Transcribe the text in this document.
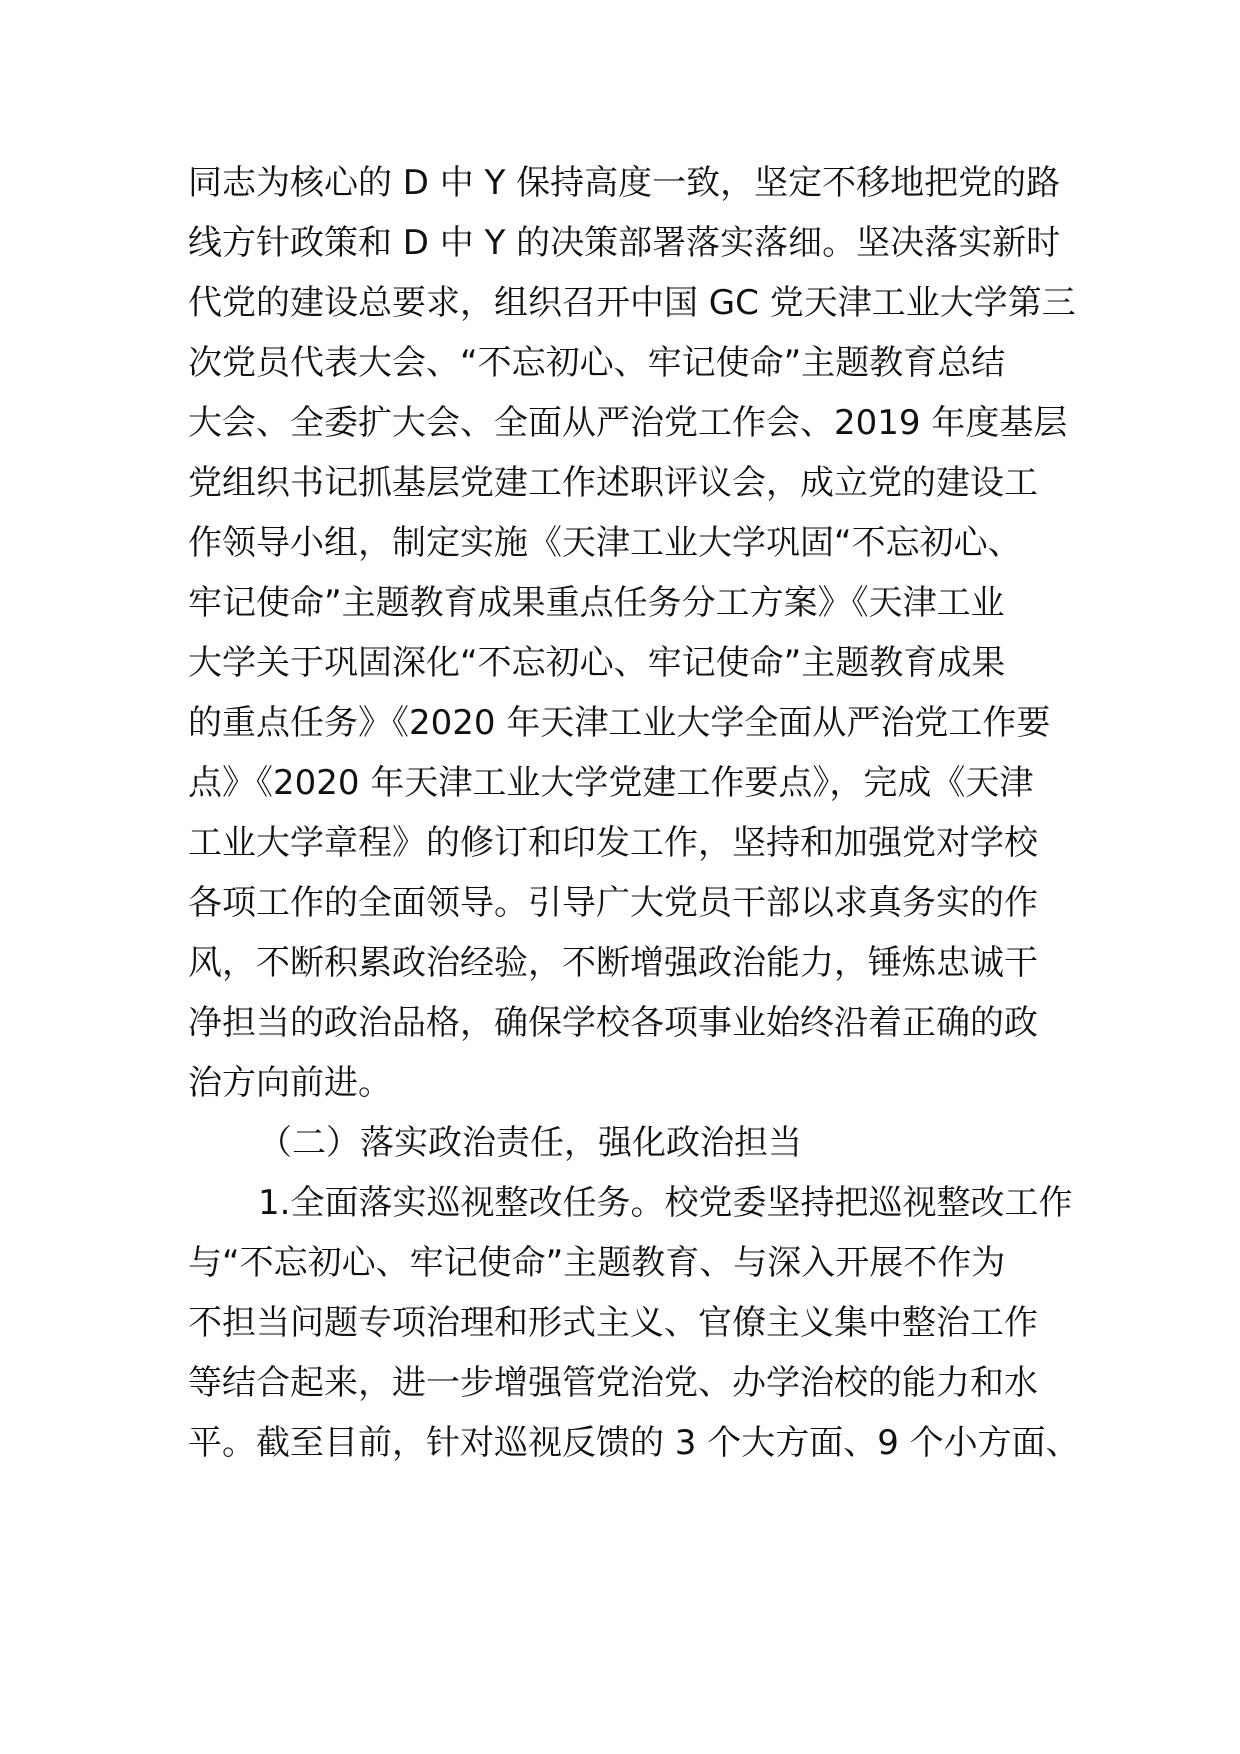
同志为核心的 D 中 Y 保持高度一致，坚定不移地把党的路
线方针政策和 D 中 Y 的决策部署落实落细。坚决落实新时
代党的建设总要求，组织召开中国 GC 党天津工业大学第三
次党员代表大会、“不忘初心、牢记使命”主题教育总结
大会、全委扩大会、全面从严治党工作会、2019 年度基层
党组织书记抓基层党建工作述职评议会，成立党的建设工
作领导小组，制定实施《天津工业大学巩固“不忘初心、
牢记使命”主题教育成果重点任务分工方案》《天津工业
大学关于巩固深化“不忘初心、牢记使命”主题教育成果
的重点任务》《2020 年天津工业大学全面从严治党工作要
点》《2020 年天津工业大学党建工作要点》，完成《天津
工业大学章程》的修订和印发工作，坚持和加强党对学校
各项工作的全面领导。引导广大党员干部以求真务实的作
风，不断积累政治经验，不断增强政治能力，锤炼忠诚干
净担当的政治品格，确保学校各项事业始终沿着正确的政
治方向前进。
（二）落实政治责任，强化政治担当
1.全面落实巡视整改任务。校党委坚持把巡视整改工作
与“不忘初心、牢记使命”主题教育、与深入开展不作为
不担当问题专项治理和形式主义、官僚主义集中整治工作
等结合起来，进一步增强管党治党、办学治校的能力和水
平。截至目前，针对巡视反馈的 3 个大方面、9 个小方面、
